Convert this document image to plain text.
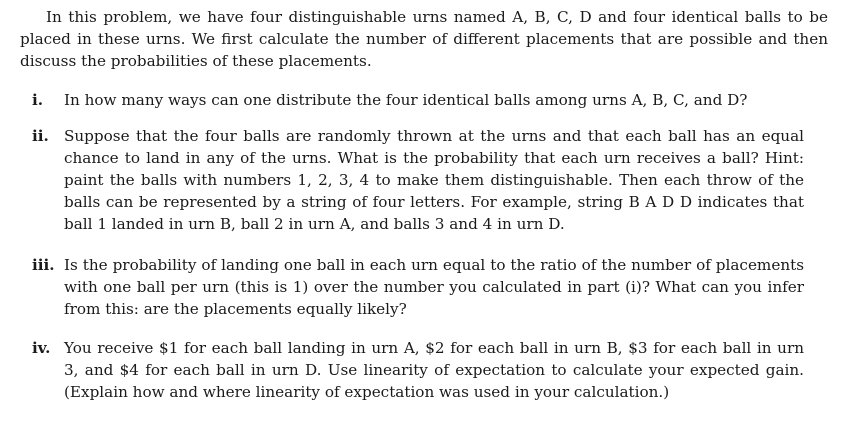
In this problem, we have four distinguishable urns named A, B, C, D and four identical balls to be placed in these urns. We first calculate the number of different placements that are possible and then discuss the probabilities of these placements.

i. In how many ways can one distribute the four identical balls among urns A, B, C, and D?
ii. Suppose that the four balls are randomly thrown at the urns and that each ball has an equal chance to land in any of the urns. What is the probability that each urn receives a ball? Hint: paint the balls with numbers 1, 2, 3, 4 to make them distinguishable. Then each throw of the balls can be represented by a string of four letters. For example, string B A D D indicates that ball 1 landed in urn B, ball 2 in urn A, and balls 3 and 4 in urn D.
iii. Is the probability of landing one ball in each urn equal to the ratio of the number of placements with one ball per urn (this is 1) over the number you calculated in part (i)? What can you infer from this: are the placements equally likely?
iv. You receive $1 for each ball landing in urn A, $2 for each ball in urn B, $3 for each ball in urn 3, and $4 for each ball in urn D. Use linearity of expectation to calculate your expected gain. (Explain how and where linearity of expectation was used in your calculation.)
